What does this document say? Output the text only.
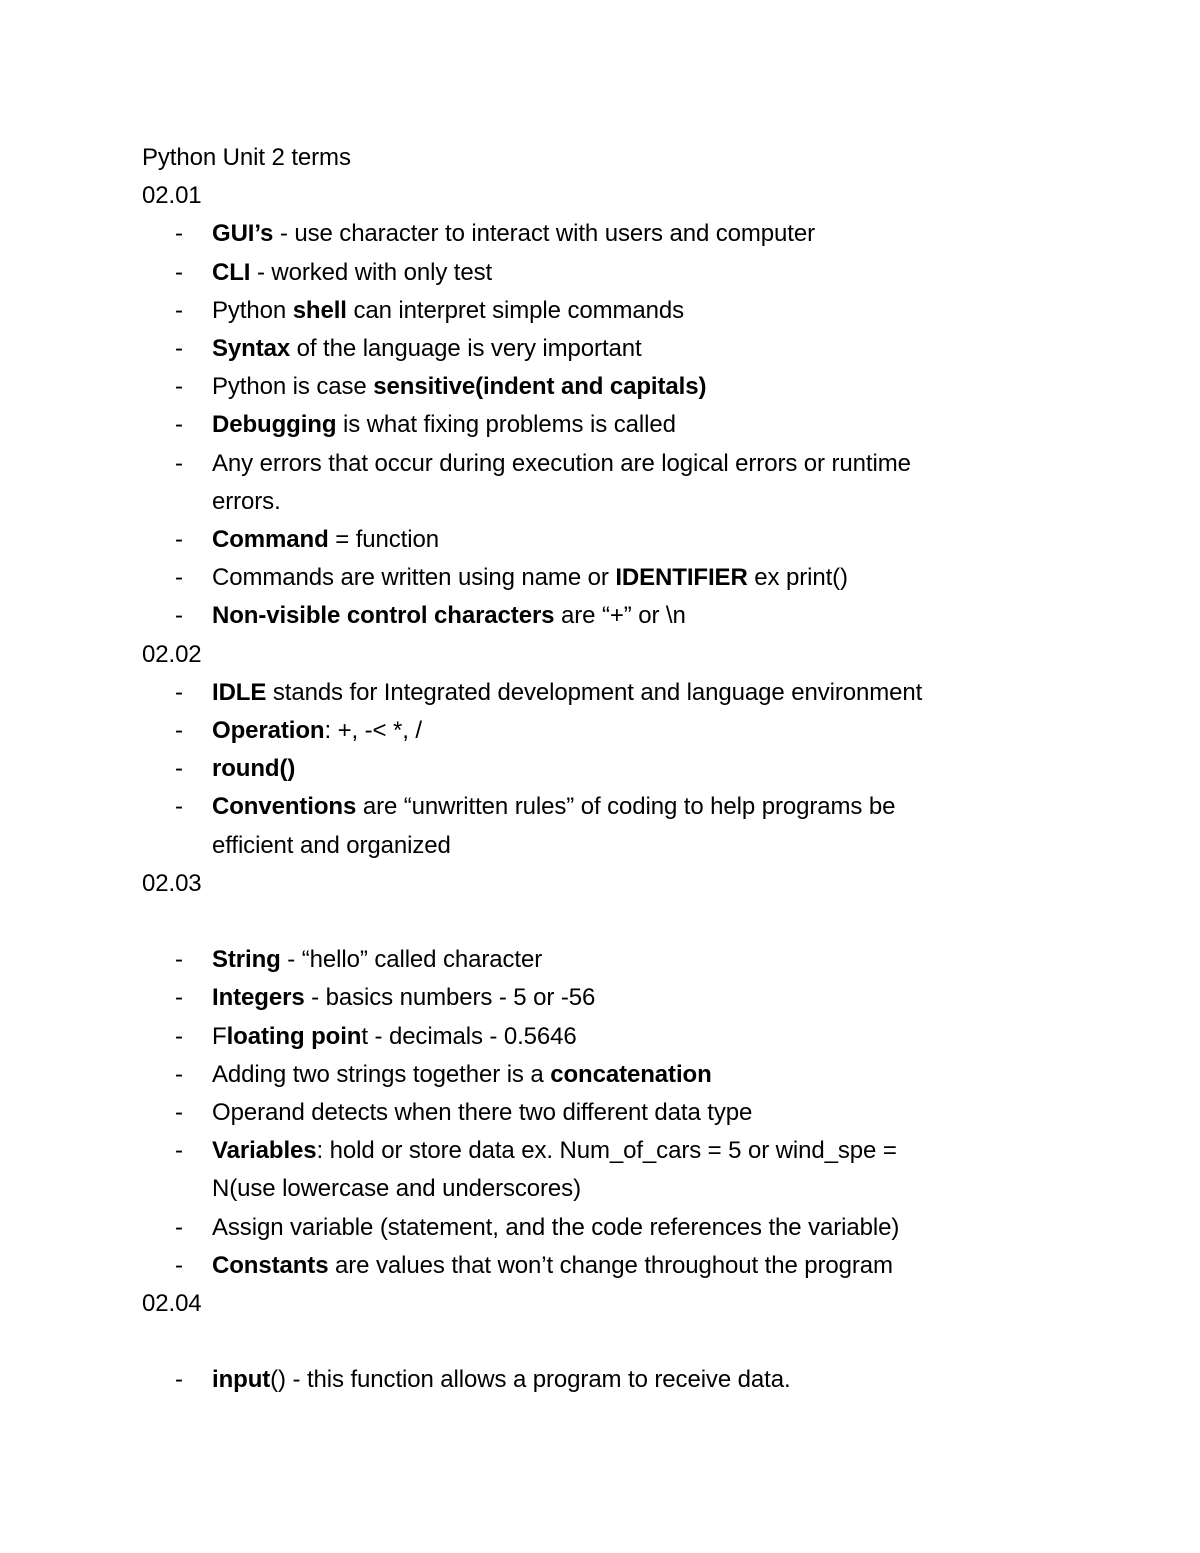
Python Unit 2 terms

02.01

- GUI’s - use character to interact with users and computer
- CLI - worked with only test
- Python shell can interpret simple commands
- Syntax of the language is very important
- Python is case sensitive(indent and capitals)
- Debugging is what fixing problems is called
- Any errors that occur during execution are logical errors or runtime
errors.
- Command = function
- Commands are written using name or IDENTIFIER ex print()
- Non-visible control characters are “+” or \n

02.02

- IDLE stands for Integrated development and language environment
- Operation: +, -< *, /
- round()
- Conventions are “unwritten rules” of coding to help programs be
efficient and organized

02.03

- String - “hello” called character
- Integers - basics numbers - 5 or -56
- Floating point - decimals - 0.5646
- Adding two strings together is a concatenation
- Operand detects when there two different data type
- Variables: hold or store data ex. Num_of_cars = 5 or wind_spe =
N(use lowercase and underscores)
- Assign variable (statement, and the code references the variable)
- Constants are values that won’t change throughout the program

02.04

- input() - this function allows a program to receive data.
